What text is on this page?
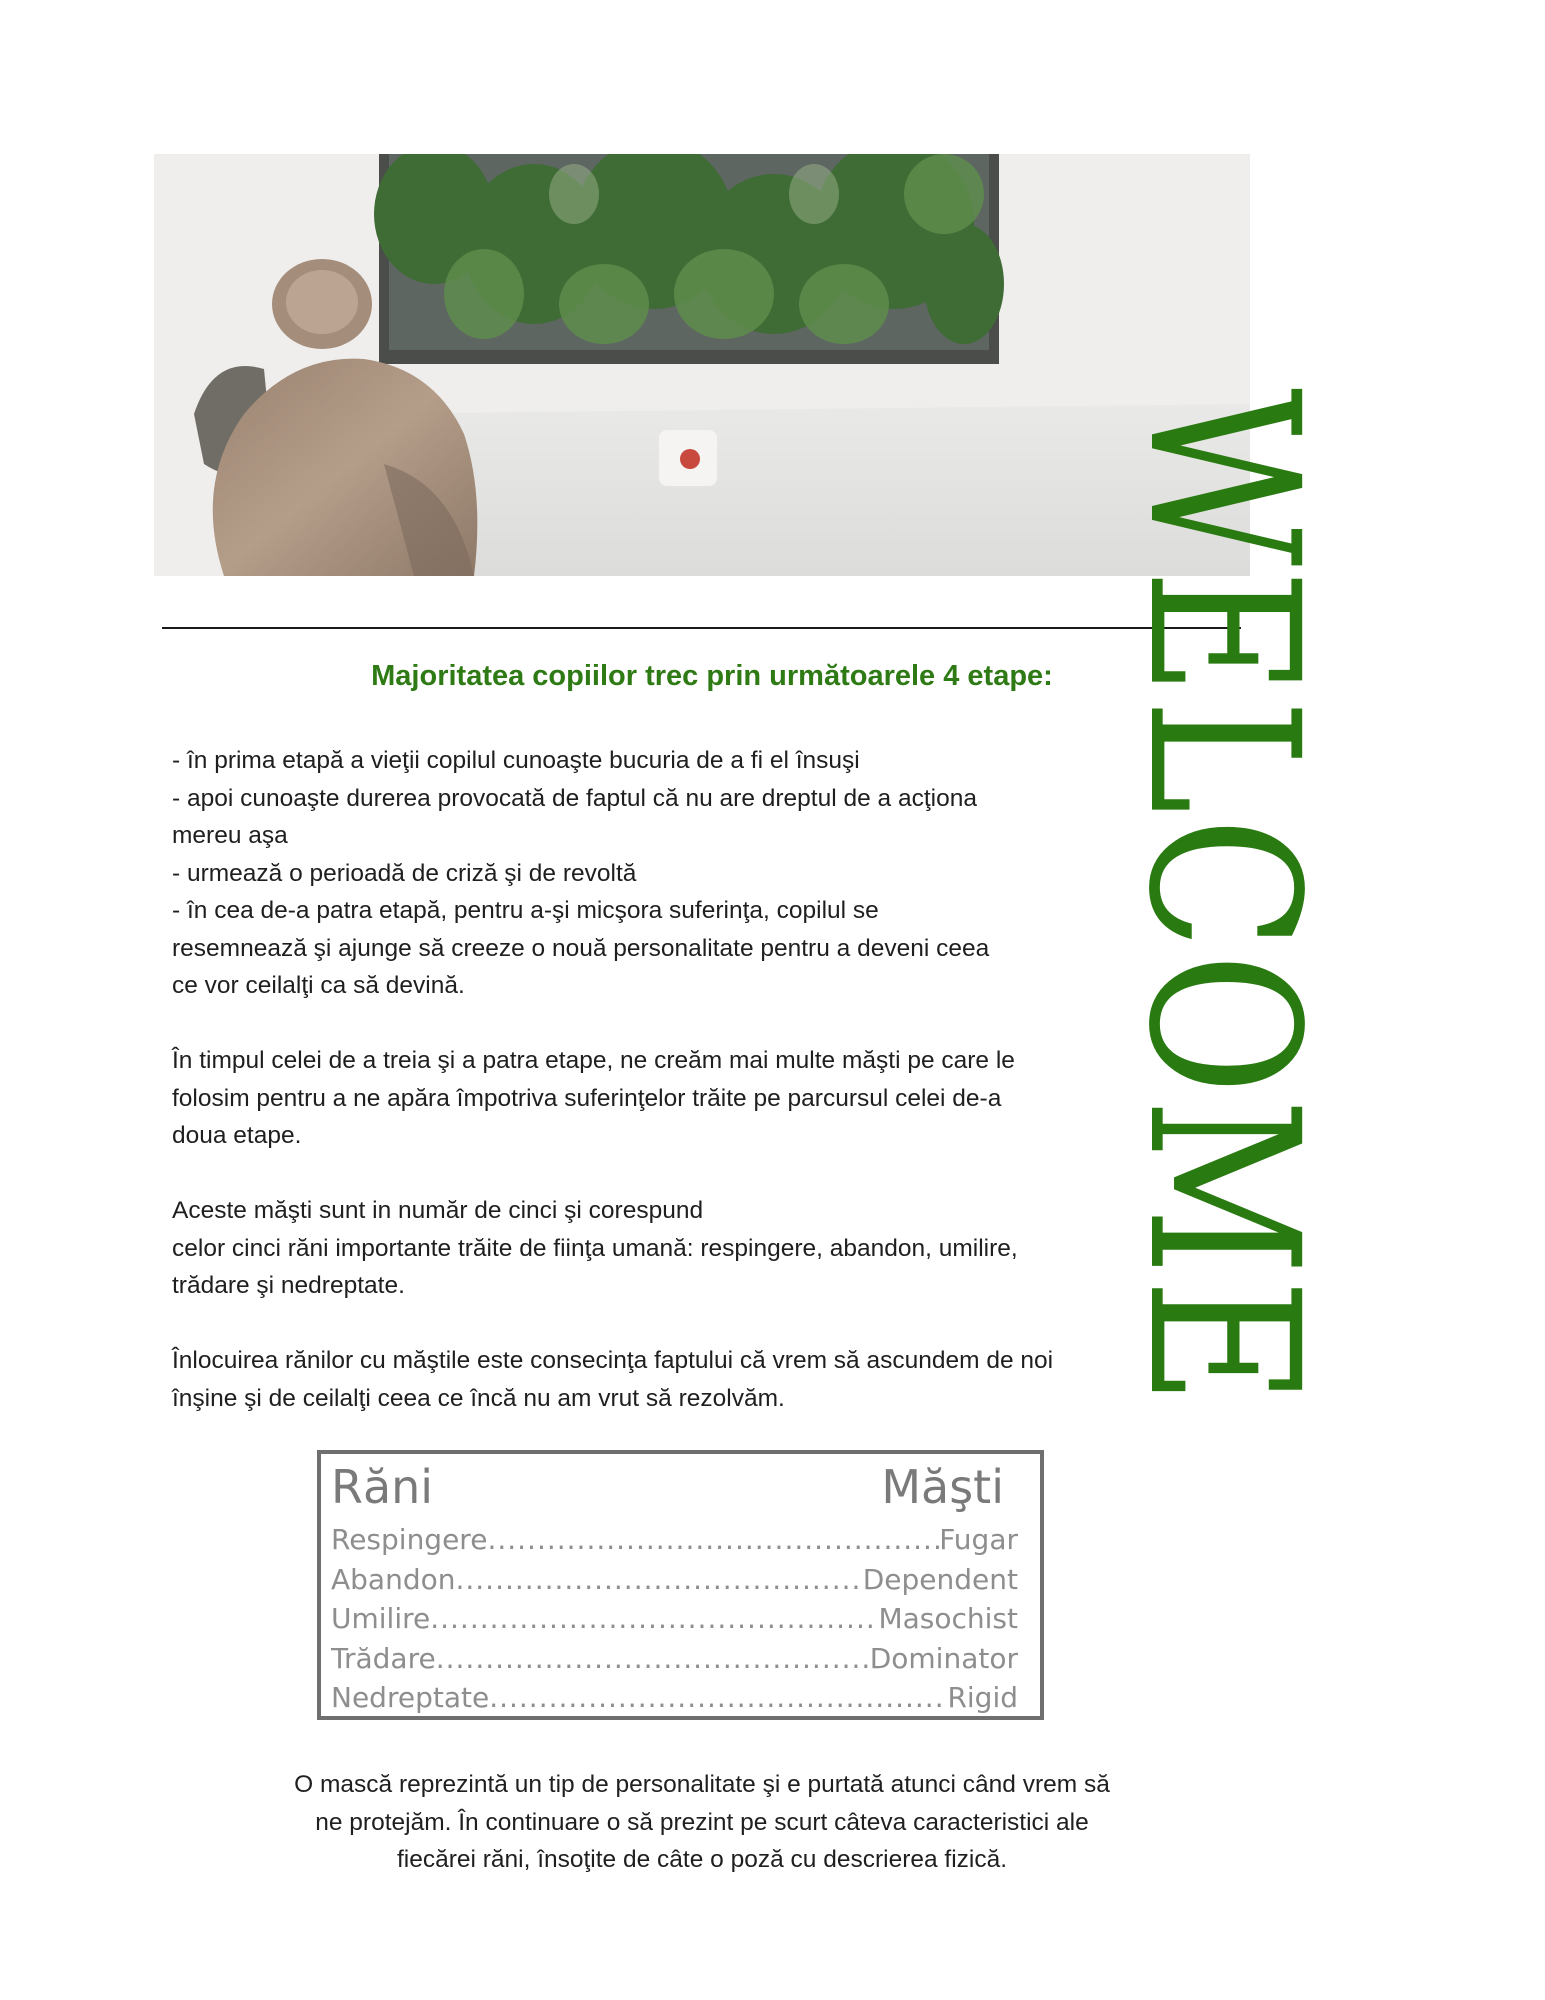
WELCOME
Majoritatea copiilor trec prin următoarele 4 etape:

- în prima etapă a vieţii copilul cunoaşte bucuria de a fi el însuşi
- apoi cunoaşte durerea provocată de faptul că nu are dreptul de a acţiona
mereu aşa
- urmează o perioadă de criză şi de revoltă
- în cea de-a patra etapă, pentru a-şi micşora suferinţa, copilul se
resemnează şi ajunge să creeze o nouă personalitate pentru a deveni ceea
ce vor ceilalţi ca să devină.

În timpul celei de a treia şi a patra etape, ne creăm mai multe măşti pe care le
folosim pentru a ne apăra împotriva suferinţelor trăite pe parcursul celei de-a
doua etape.

Aceste măşti sunt in număr de cinci şi corespund
celor cinci răni importante trăite de fiinţa umană: respingere, abandon, umilire,
trădare şi nedreptate.

Înlocuirea rănilor cu măştile este consecinţa faptului că vrem să ascundem de noi
înşine şi de ceilalţi ceea ce încă nu am vrut să rezolvăm.

Răni	Măşti
Respingere .....	Fugar
Abandon .....	Dependent
Umilire .....	Masochist
Trădare .....	Dominator
Nedreptate .....	Rigid
O mască reprezintă un tip de personalitate şi e purtată atunci când vrem să
ne protejăm. În continuare o să prezint pe scurt câteva caracteristici ale
fiecărei răni, însoţite de câte o poză cu descrierea fizică.
